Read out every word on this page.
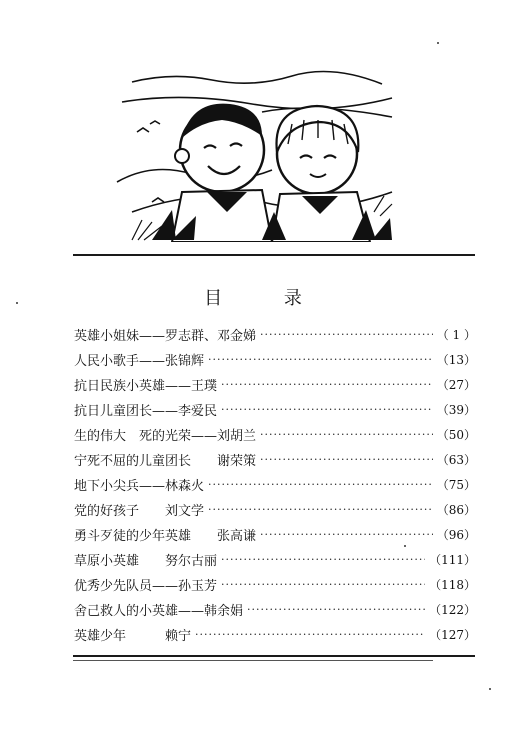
目 录
英雄小姐妹——罗志群、邓金娣 ·····	（ 1 ）
人民小歌手——张锦辉 ·····	（13）
抗日民族小英雄——王璞 ·····	（27）
抗日儿童团长——李爱民 ·····	（39）
生的伟大　死的光荣——刘胡兰 ·····	（50）
宁死不屈的儿童团长　　谢荣策 ·····	（63）
地下小尖兵——林森火 ·····	（75）
党的好孩子　　刘文学 ·····	（86）
勇斗歹徒的少年英雄　　张高谦 ·····	（96）
草原小英雄　　努尔古丽 ·····	（111）
优秀少先队员——孙玉芳 ·····	（118）
舍己救人的小英雄——韩余娟 ·····	（122）
英雄少年　　　赖宁 ·····	（127）
